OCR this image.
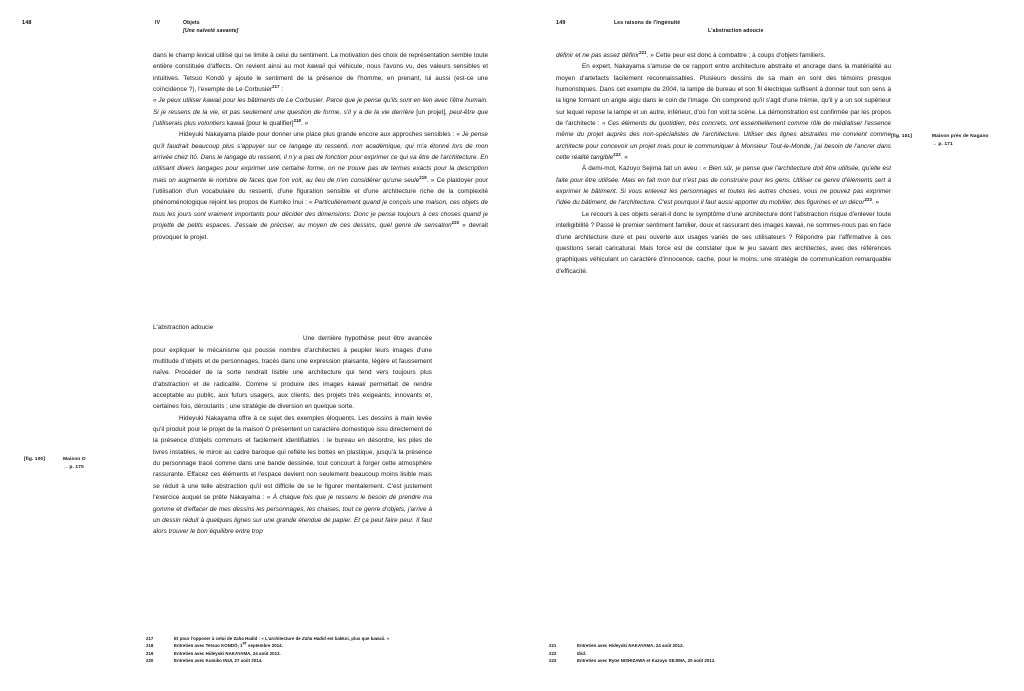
148	IV	Objets
[Une naïveté savante]

dans le champ lexical utilisé qui se limite à celui du sentiment. La motivation des choix de représentation semble toute entière constituée d'affects. On revient ainsi au mot kawaii qui véhicule, nous l'avons vu, des valeurs sensibles et intuitives. Tetsuo Kondō y ajoute le sentiment de la présence de l'homme, en prenant, lui aussi (est-ce une coïncidence ?), l'exemple de Le Corbusier$^{217}$ :

« Je peux utiliser kawaii pour les bâtiments de Le Corbusier. Parce que je pense qu'ils sont en lien avec l'être humain. Si je ressens de la vie, et pas seulement une question de forme, s'il y a de la vie derrière [un projet], peut-être que j'utiliserais plus volontiers kawaii [pour le qualifier]$^{218}$. »

Hideyuki Nakayama plaide pour donner une place plus grande encore aux approches sensibles : « Je pense qu'il faudrait beaucoup plus s'appuyer sur ce langage du ressenti, non académique, qui m'a étonné lors de mon arrivée chez Itō. Dans le langage du ressenti, il n'y a pas de fonction pour exprimer ce qui va être de l'architecture. En utilisant divers langages pour exprimer une certaine forme, on ne trouve pas de termes exacts pour la description mais on augmente le nombre de faces que l'on voit, au lieu de n'en considérer qu'une seule$^{219}$. » Ce plaidoyer pour l'utilisation d'un vocabulaire du ressenti, d'une figuration sensible et d'une architecture riche de la complexité phénoménologique rejoint les propos de Kumiko Inui : « Particulièrement quand je conçois une maison, ces objets de tous les jours sont vraiment importants pour décider des dimensions. Donc je pense toujours à ces choses quand je projette de petits espaces. J'essaie de préciser, au moyen de ces dessins, quel genre de sensation$^{220}$ » devrait provoquer le projet.

L'abstraction adoucie

Une dernière hypothèse peut être avancée pour expliquer le mécanisme qui pousse nombre d'architectes à peupler leurs images d'une multitude d'objets et de personnages, tracés dans une expression plaisante, légère et faussement naïve. Procéder de la sorte rendrait lisible une architecture qui tend vers toujours plus d'abstraction et de radicalité. Comme si produire des images kawaii permettait de rendre acceptable au public, aux futurs usagers, aux clients, des projets très exigeants, innovants et, certaines fois, déroutants ; une stratégie de diversion en quelque sorte.

Hideyuki Nakayama offre à ce sujet des exemples éloquents. Les dessins à main levée qu'il produit pour le projet de la maison O présentent un caractère domestique issu directement de la présence d'objets communs et facilement identifiables : le bureau en désordre, les piles de livres instables, le miroir au cadre baroque qui reflète les bottes en plastique, jusqu'à la présence du personnage tracé comme dans une bande dessinée, tout concourt à forger cette atmosphère rassurante. Effacez ces éléments et l'espace devient non seulement beaucoup moins lisible mais se réduit à une telle abstraction qu'il est difficile de se le figurer mentalement. C'est justement l'exercice auquel se prête Nakayama : « À chaque fois que je ressens le besoin de prendre ma gomme et d'effacer de mes dessins les personnages, les chaises, tout ce genre d'objets, j'arrive à un dessin réduit à quelques lignes sur une grande étendue de papier. Et ça peut faire peur. Il faut alors trouver le bon équilibre entre trop

[fig. 100]	Maison O
→ p. 170
217	Et pour l'opposer à celui de Zaha Hadid : « L'architecture de Zaha Hadid est kakkoi, plus que kawaii. »
218	Entretien avec Tetsuo KONDŌ, 1er septembre 2014.
219	Entretien avec Hideyuki NAKAYAMA, 24 août 2012.
220	Entretien avec Kumiko INUI, 27 août 2014.
149	Les raisons de l'ingénuité
L'abstraction adoucie

définir et ne pas assez définir$^{221}$. » Cette peur est donc à combattre ; à coups d'objets familiers.

En expert, Nakayama s'amuse de ce rapport entre architecture abstraite et ancrage dans la matérialité au moyen d'artefacts facilement reconnaissables. Plusieurs dessins de sa main en sont des témoins presque humoristiques. Dans cet exemple de 2004, la lampe de bureau et son fil électrique suffisent à donner tout son sens à la ligne formant un angle aigu dans le coin de l'image. On comprend qu'il s'agit d'une trémie, qu'il y a un sol supérieur sur lequel repose la lampe et un autre, inférieur, d'où l'on voit la scène. La démonstration est confirmée par les propos de l'architecte : « Ces éléments du quotidien, très concrets, ont essentiellement comme rôle de médiatiser l'essence même du projet auprès des non-spécialistes de l'architecture. Utiliser des lignes abstraites me convient comme architecte pour concevoir un projet mais pour le communiquer à Monsieur Tout-le-Monde, j'ai besoin de l'ancrer dans cette réalité tangible$^{222}$. »

À demi-mot, Kazuyo Sejima fait un aveu : « Bien sûr, je pense que l'architecture doit être utilisée, qu'elle est faite pour être utilisée. Mais en fait mon but n'est pas de construire pour les gens. Utiliser ce genre d'éléments sert à exprimer le bâtiment. Si vous enlevez les personnages et toutes les autres choses, vous ne pouvez pas exprimer l'idée du bâtiment, de l'architecture. C'est pourquoi il faut aussi apporter du mobilier, des figurines et un décor$^{223}$. »

Le recours à ces objets serait-il donc le symptôme d'une architecture dont l'abstraction risque d'enlever toute intelligibilité ? Passé le premier sentiment familier, doux et rassurant des images kawaii, ne sommes-nous pas en face d'une architecture dure et peu ouverte aux usages variés de ses utilisateurs ? Répondre par l'affirmative à ces questions serait caricatural. Mais force est de constater que le jeu savant des architectes, avec des références graphiques véhiculant un caractère d'innocence, cache, pour le moins, une stratégie de communication remarquable d'efficacité.

[fig. 101]	Maison près de Nagano
→ p. 171
221	Entretien avec Hideyuki NAKAYAMA, 24 août 2012.
222	Ibid.
223	Entretien avec Ryūe NISHIZAWA et Kazuyo SEJIMA, 20 août 2012.
